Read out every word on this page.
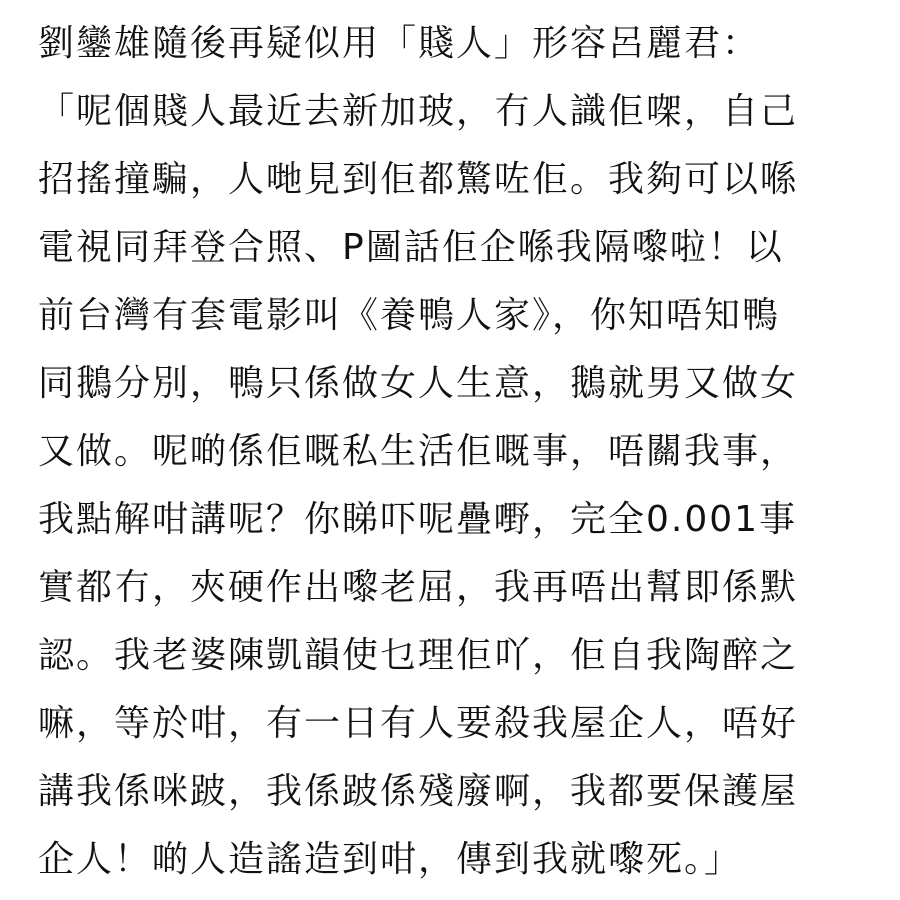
劉鑾雄隨後再疑似用「賤人」形容呂麗君：
「呢個賤人最近去新加玻，冇人識佢㗎，自己
招搖撞騙，人哋見到佢都驚咗佢。我夠可以喺
電視同拜登合照、P圖話佢企喺我隔嚟啦！以
前台灣有套電影叫《養鴨人家》，你知唔知鴨
同鵝分別，鴨只係做女人生意，鵝就男又做女
又做。呢啲係佢嘅私生活佢嘅事，唔關我事，
我點解咁講呢？你睇吓呢疊嘢，完全0.001事
實都冇，夾硬作出嚟老屈，我再唔出幫即係默
認。我老婆陳凱韻使乜理佢吖，佢自我陶醉之
嘛，等於咁，有一日有人要殺我屋企人，唔好
講我係咪跛，我係跛係殘廢啊，我都要保護屋
企人！啲人造謠造到咁，傳到我就嚟死。」
